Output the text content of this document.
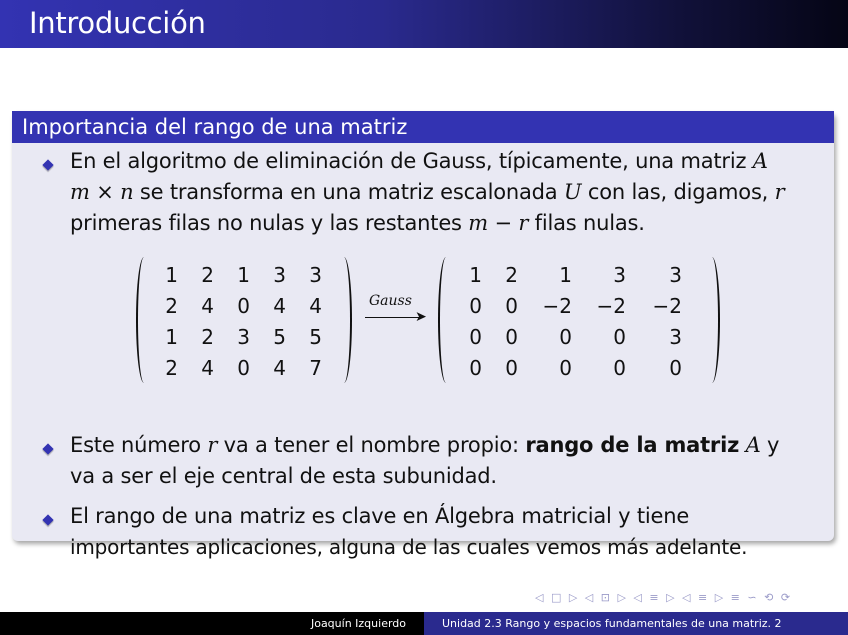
Introducción
Importancia del rango de una matriz
En el algoritmo de eliminación de Gauss, típicamente, una matriz A
m × n se transforma en una matriz escalonada U con las, digamos, r
primeras filas no nulas y las restantes m − r filas nulas.
1	2	1	3	3
2	4	0	4	4
1	2	3	5	5
2	4	0	4	7
Gauss
➤
1	2	1	3	3
0	0 −2 −2 −2
0	0	0	0	3
0	0	0	0	0
Este número r va a tener el nombre propio: rango de la matriz A y
va a ser el eje central de esta subunidad.
El rango de una matriz es clave en Álgebra matricial y tiene
importantes aplicaciones, alguna de las cuales vemos más adelante.
◁ □ ▷ ◁ ⊡ ▷ ◁ ≡ ▷ ◁ ≡ ▷ ≡ ∽ ⟲ ⟳
Joaquín Izquierdo	Unidad 2.3 Rango y espacios fundamentales de una matriz. 2
